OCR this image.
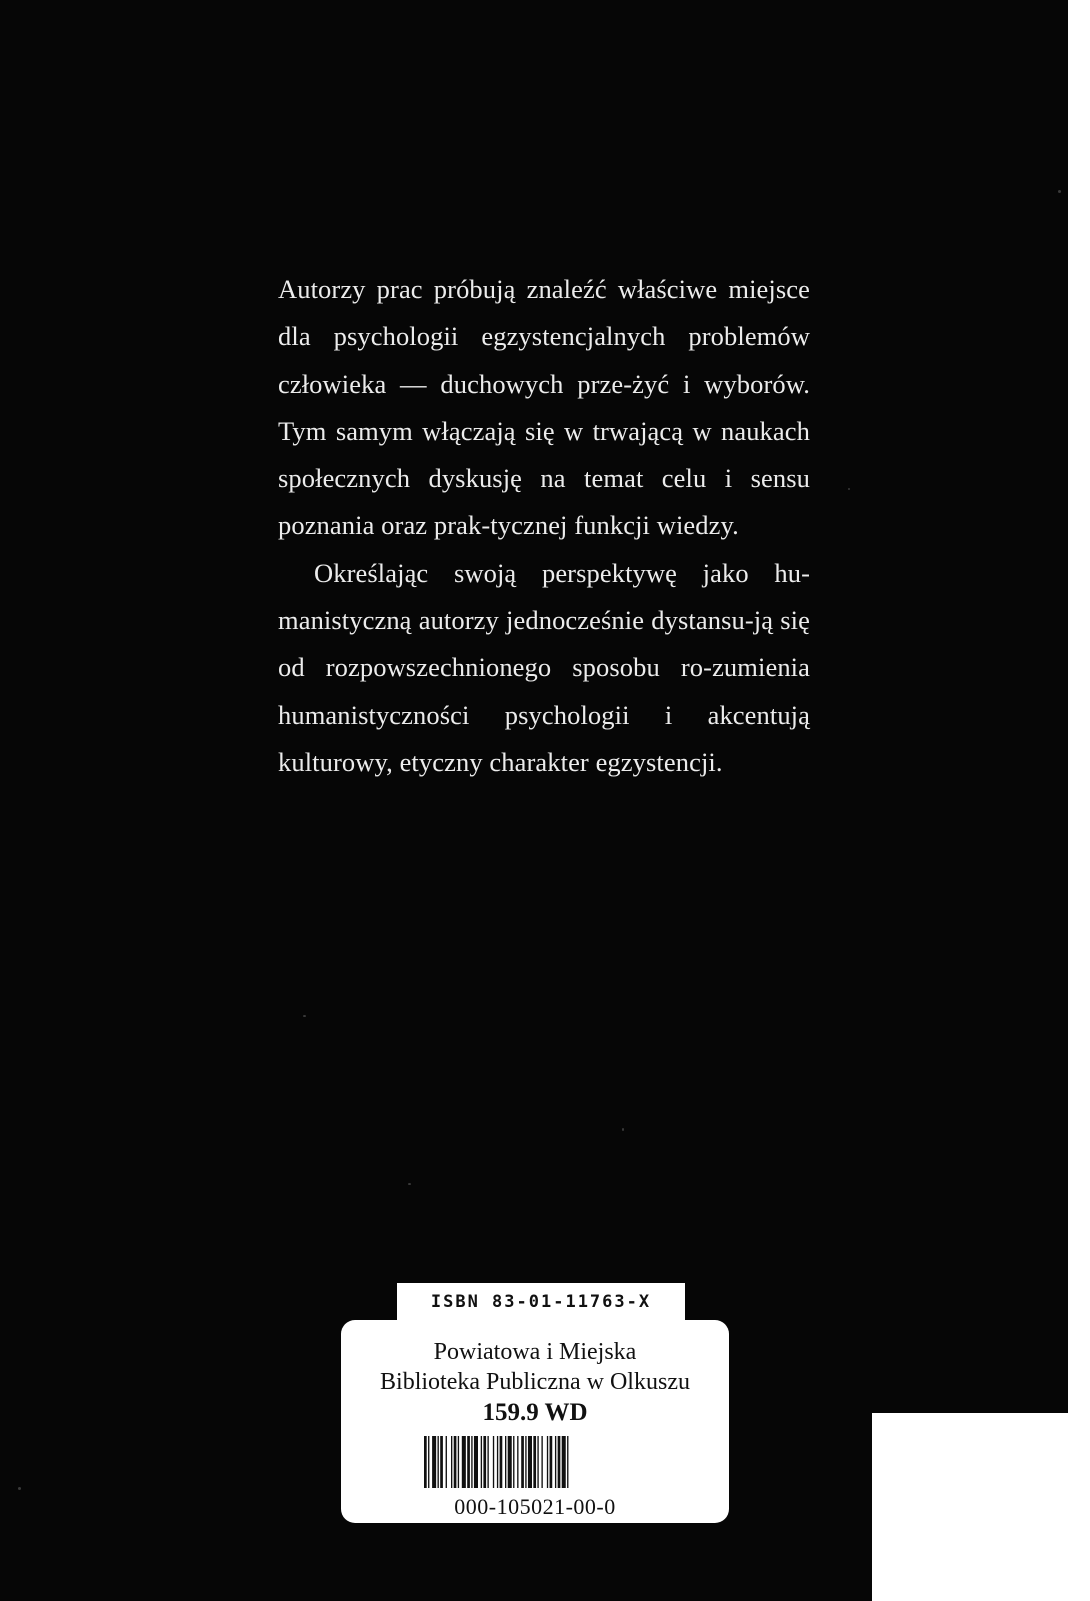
Autorzy prac próbują znaleźć właściwe miejsce dla psychologii egzystencjalnych problemów człowieka — duchowych prze-żyć i wyborów. Tym samym włączają się w trwającą w naukach społecznych dyskusję na temat celu i sensu poznania oraz prak-tycznej funkcji wiedzy.

Określając swoją perspektywę jako hu-manistyczną autorzy jednocześnie dystansu-ją się od rozpowszechnionego sposobu ro-zumienia humanistyczności psychologii i akcentują kulturowy, etyczny charakter egzystencji.

ISBN 83-01-11763-X
Powiatowa i Miejska
Biblioteka Publiczna w Olkuszu
159.9 WD
000-105021-00-0
